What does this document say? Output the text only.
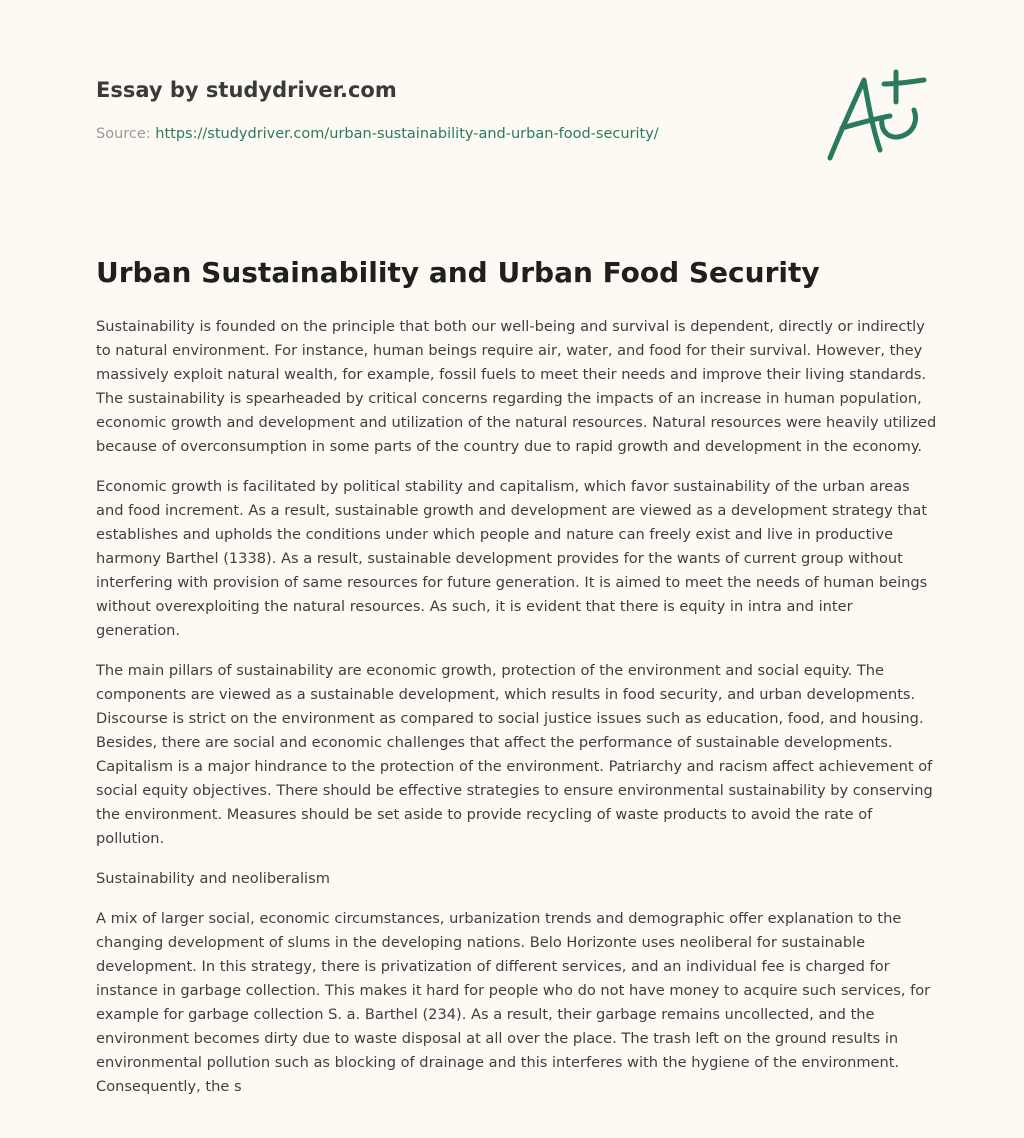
Essay by studydriver.com
Source: https://studydriver.com/urban-sustainability-and-urban-food-security/
Urban Sustainability and Urban Food Security

Sustainability is founded on the principle that both our well-being and survival is dependent, directly or indirectly to natural environment. For instance, human beings require air, water, and food for their survival. However, they massively exploit natural wealth, for example, fossil fuels to meet their needs and improve their living standards. The sustainability is spearheaded by critical concerns regarding the impacts of an increase in human population, economic growth and development and utilization of the natural resources. Natural resources were heavily utilized because of overconsumption in some parts of the country due to rapid growth and development in the economy.

Economic growth is facilitated by political stability and capitalism, which favor sustainability of the urban areas and food increment. As a result, sustainable growth and development are viewed as a development strategy that establishes and upholds the conditions under which people and nature can freely exist and live in productive harmony Barthel (1338). As a result, sustainable development provides for the wants of current group without interfering with provision of same resources for future generation. It is aimed to meet the needs of human beings without overexploiting the natural resources. As such, it is evident that there is equity in intra and inter generation.

The main pillars of sustainability are economic growth, protection of the environment and social equity. The components are viewed as a sustainable development, which results in food security, and urban developments. Discourse is strict on the environment as compared to social justice issues such as education, food, and housing. Besides, there are social and economic challenges that affect the performance of sustainable developments. Capitalism is a major hindrance to the protection of the environment. Patriarchy and racism affect achievement of social equity objectives. There should be effective strategies to ensure environmental sustainability by conserving the environment. Measures should be set aside to provide recycling of waste products to avoid the rate of pollution.

Sustainability and neoliberalism

A mix of larger social, economic circumstances, urbanization trends and demographic offer explanation to the changing development of slums in the developing nations. Belo Horizonte uses neoliberal for sustainable development. In this strategy, there is privatization of different services, and an individual fee is charged for instance in garbage collection. This makes it hard for people who do not have money to acquire such services, for example for garbage collection S. a. Barthel (234). As a result, their garbage remains uncollected, and the environment becomes dirty due to waste disposal at all over the place. The trash left on the ground results in environmental pollution such as blocking of drainage and this interferes with the hygiene of the environment. Consequently, the s
